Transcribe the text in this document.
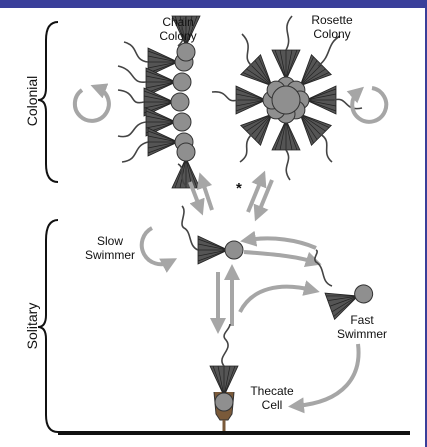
Chain
Colony
Rosette
Colony
Colonial
Solitary
Slow
Swimmer
Fast
Swimmer
Thecate
Cell
*
